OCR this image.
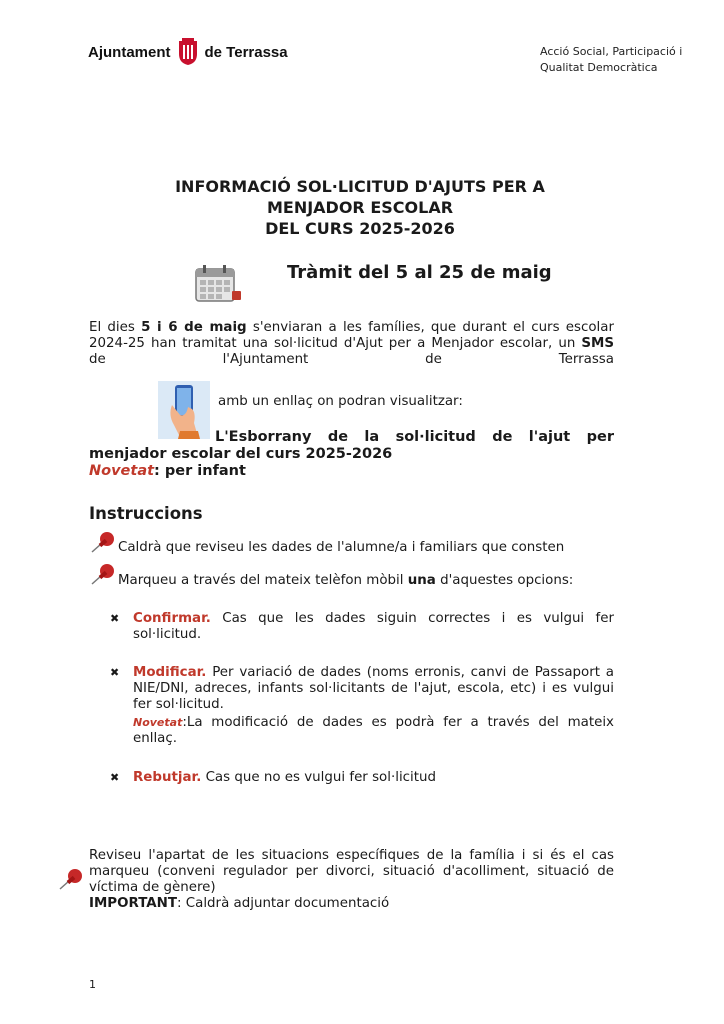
Ajuntament de Terrassa	Acció Social, Participació i Qualitat Democràtica
INFORMACIÓ SOL·LICITUD D'AJUTS PER A
MENJADOR ESCOLAR
DEL CURS 2025-2026
Tràmit del 5 al 25 de maig
El dies 5 i 6 de maig s'enviaran a les famílies, que durant el curs escolar 2024-25 han tramitat una sol·licitud d'Ajut per a Menjador escolar, un SMS de l'Ajuntament de Terrassa
amb un enllaç on podran visualitzar:
L'Esborrany de la sol·licitud de l'ajut per
menjador escolar del curs 2025-2026
Novetat: per infant
Instruccions
Caldrà que reviseu les dades de l'alumne/a i familiars que consten
Marqueu a través del mateix telèfon mòbil una d'aquestes opcions:
✖ Confirmar. Cas que les dades siguin correctes i es vulgui fer sol·licitud.
✖ Modificar. Per variació de dades (noms erronis, canvi de Passaport a NIE/DNI, adreces, infants sol·licitants de l'ajut, escola, etc) i es vulgui fer sol·licitud.
Novetat:La modificació de dades es podrà fer a través del mateix enllaç.
✖ Rebutjar. Cas que no es vulgui fer sol·licitud
Reviseu l'apartat de les situacions específiques de la família i si és el cas marqueu (conveni regulador per divorci, situació d'acolliment, situació de víctima de gènere)
IMPORTANT: Caldrà adjuntar documentació
1
